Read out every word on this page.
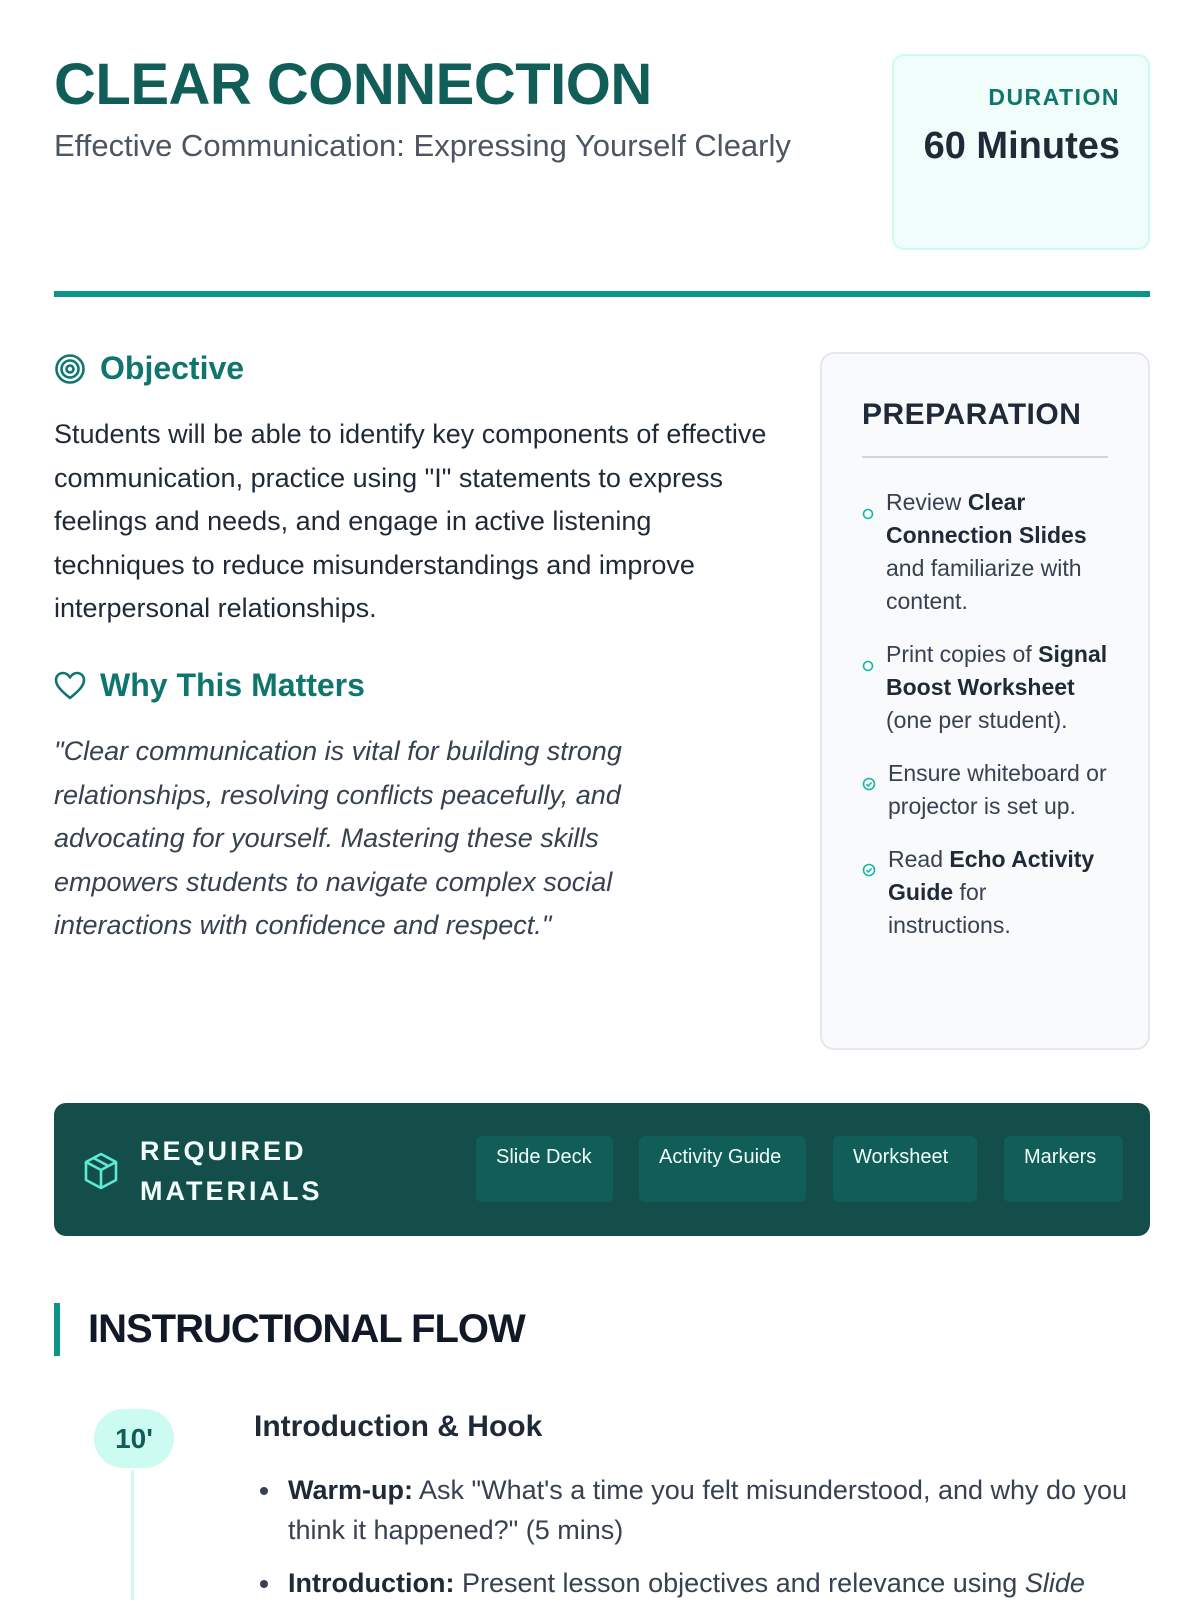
CLEAR CONNECTION

Effective Communication: Expressing Yourself Clearly

DURATION
60 Minutes
Objective

Students will be able to identify key components of effective communication, practice using "I" statements to express feelings and needs, and engage in active listening techniques to reduce misunderstandings and improve interpersonal relationships.

Why This Matters

"Clear communication is vital for building strong relationships, resolving conflicts peacefully, and advocating for yourself. Mastering these skills empowers students to navigate complex social interactions with confidence and respect."

PREPARATION
Review Clear Connection Slides and familiarize with content.
Print copies of Signal Boost Worksheet (one per student).
Ensure whiteboard or projector is set up.
Read Echo Activity Guide for instructions.
REQUIRED MATERIALS
Slide Deck	Activity Guide	Worksheet	Markers
INSTRUCTIONAL FLOW
10'	Introduction & Hook
Warm-up: Ask "What's a time you felt misunderstood, and why do you think it happened?" (5 mins)
Introduction: Present lesson objectives and relevance using Slide
